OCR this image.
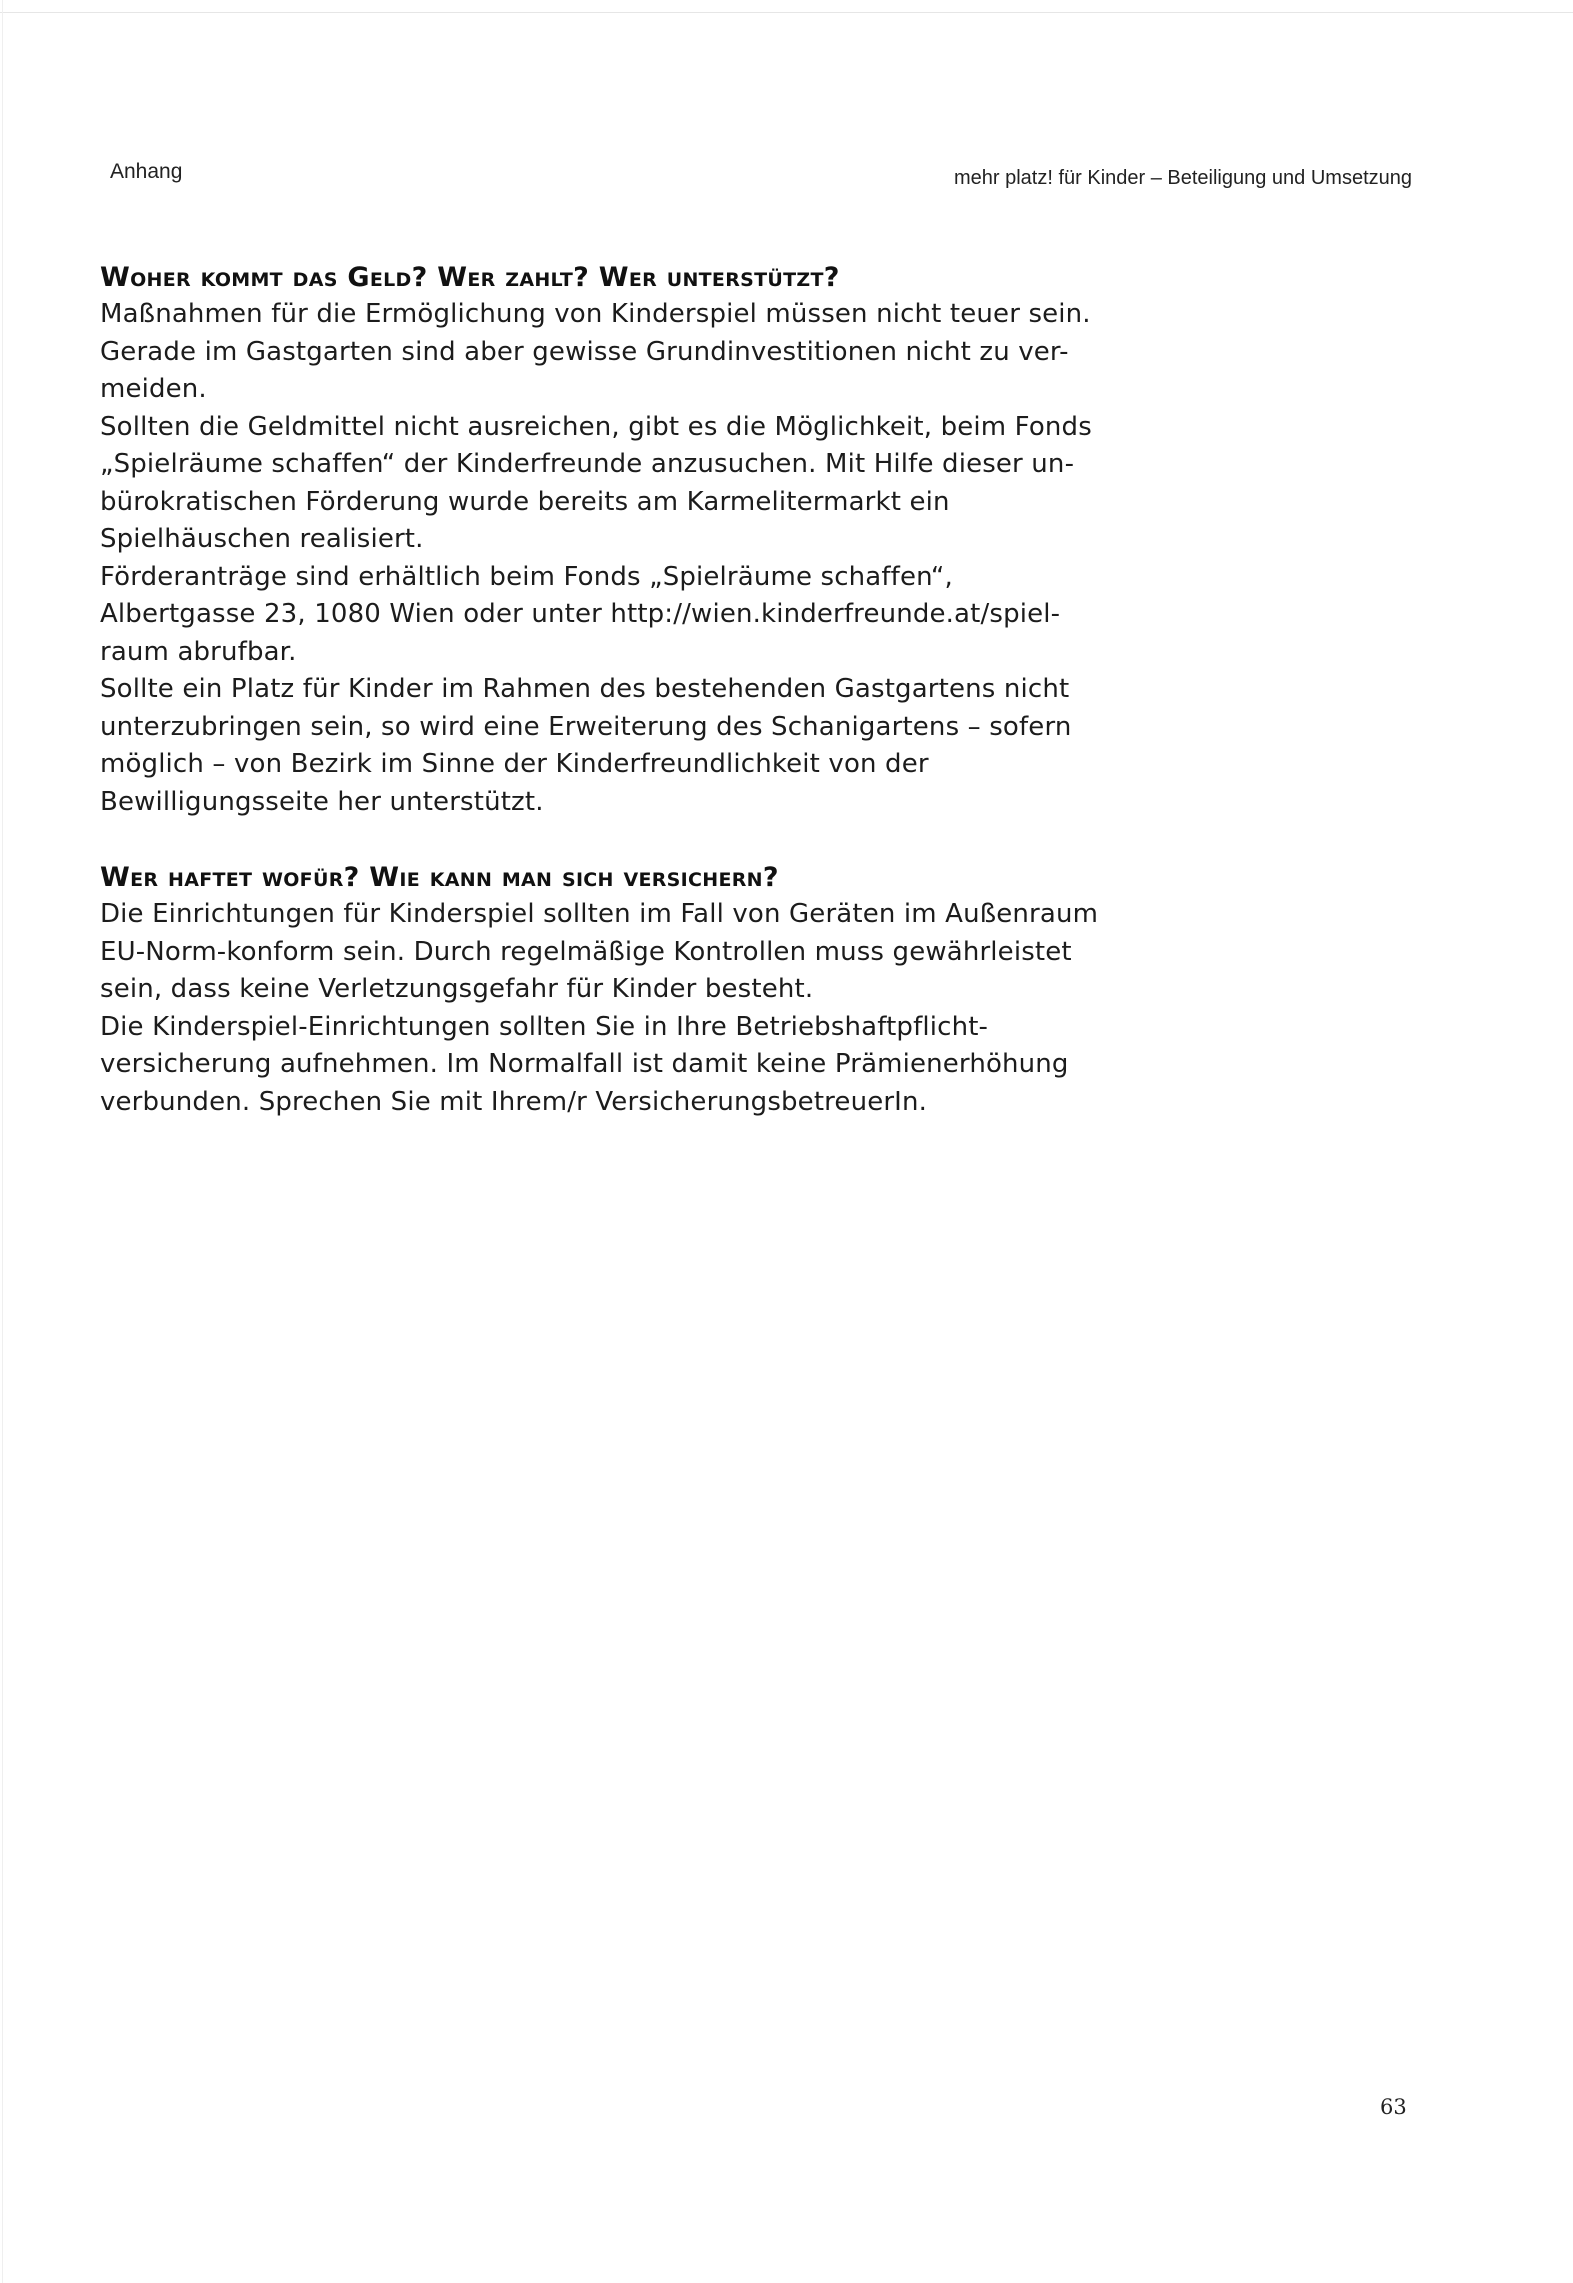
Anhang	mehr platz! für Kinder – Beteiligung und Umsetzung
Woher kommt das Geld? Wer zahlt? Wer unterstützt?
Maßnahmen für die Ermöglichung von Kinderspiel müssen nicht teuer sein.
Gerade im Gastgarten sind aber gewisse Grundinvestitionen nicht zu ver-
meiden.
Sollten die Geldmittel nicht ausreichen, gibt es die Möglichkeit, beim Fonds
„Spielräume schaffen“ der Kinderfreunde anzusuchen. Mit Hilfe dieser un-
bürokratischen Förderung wurde bereits am Karmelitermarkt ein
Spielhäuschen realisiert.
Förderanträge sind erhältlich beim Fonds „Spielräume schaffen“,
Albertgasse 23, 1080 Wien oder unter http://wien.kinderfreunde.at/spiel-
raum abrufbar.
Sollte ein Platz für Kinder im Rahmen des bestehenden Gastgartens nicht
unterzubringen sein, so wird eine Erweiterung des Schanigartens – sofern
möglich – von Bezirk im Sinne der Kinderfreundlichkeit von der
Bewilligungsseite her unterstützt.
Wer haftet wofür? Wie kann man sich versichern?
Die Einrichtungen für Kinderspiel sollten im Fall von Geräten im Außenraum
EU-Norm-konform sein. Durch regelmäßige Kontrollen muss gewährleistet
sein, dass keine Verletzungsgefahr für Kinder besteht.
Die Kinderspiel-Einrichtungen sollten Sie in Ihre Betriebshaftpflicht-
versicherung aufnehmen. Im Normalfall ist damit keine Prämienerhöhung
verbunden. Sprechen Sie mit Ihrem/r VersicherungsbetreuerIn.
63
